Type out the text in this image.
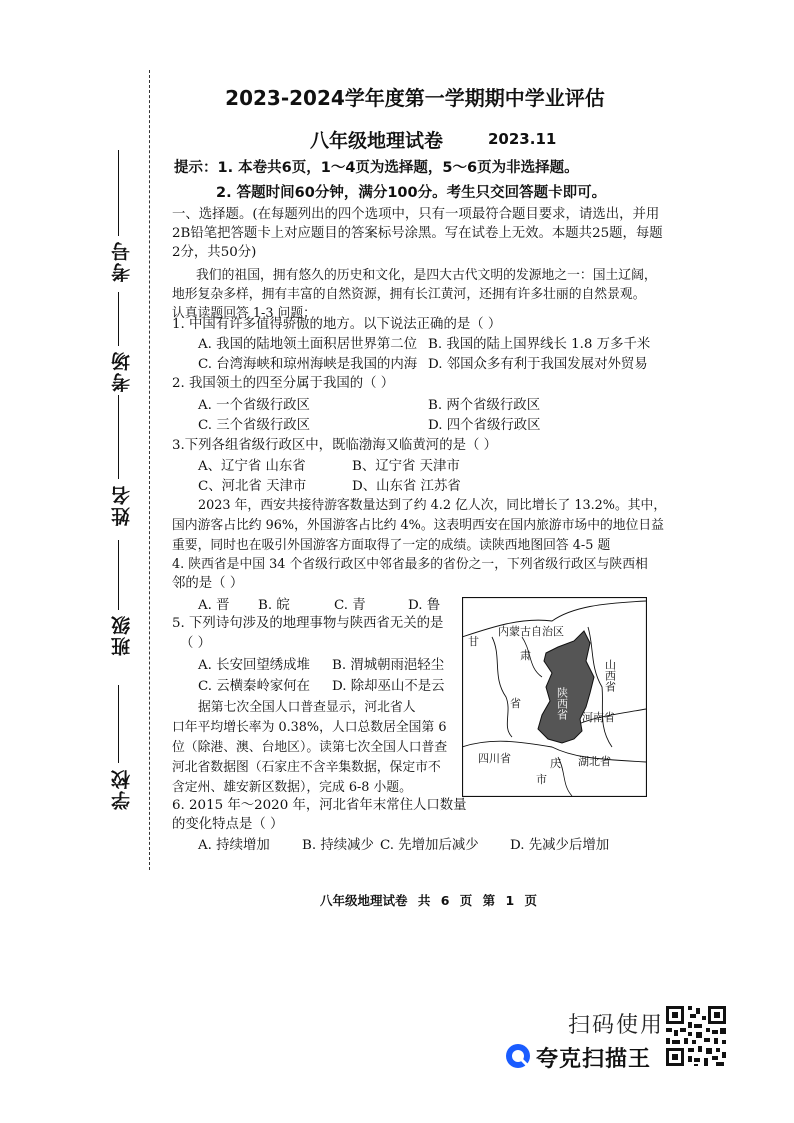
学校
班级
姓名
考场
考号
2023-2024学年度第一学期期中学业评估
八年级地理试卷	2023.11
提示：1. 本卷共6页，1～4页为选择题，5～6页为非选择题。
2. 答题时间60分钟，满分100分。考生只交回答题卡即可。
一、选择题。(在每题列出的四个选项中，只有一项最符合题目要求，请选出，并用
2B铅笔把答题卡上对应题目的答案标号涂黑。写在试卷上无效。本题共25题，每题
2分，共50分)
我们的祖国，拥有悠久的历史和文化，是四大古代文明的发源地之一：国土辽阔，
地形复杂多样，拥有丰富的自然资源，拥有长江黄河，还拥有许多壮丽的自然景观。
认真读题回答 1-3 问题：
1. 中国有许多值得骄傲的地方。以下说法正确的是（ ）
A. 我国的陆地领土面积居世界第二位 B. 我国的陆上国界线长 1.8 万多千米
C. 台湾海峡和琼州海峡是我国的内海 D. 邻国众多有利于我国发展对外贸易
2. 我国领土的四至分属于我国的（ ）
A. 一个省级行政区	B. 两个省级行政区
C. 三个省级行政区	D. 四个省级行政区
3.下列各组省级行政区中，既临渤海又临黄河的是（ ）
A、辽宁省 山东省	B、辽宁省 天津市
C、河北省 天津市	D、山东省 江苏省
2023 年，西安共接待游客数量达到了约 4.2 亿人次，同比增长了 13.2%。其中，
国内游客占比约 96%，外国游客占比约 4%。这表明西安在国内旅游市场中的地位日益
重要，同时也在吸引外国游客方面取得了一定的成绩。读陕西地图回答 4-5 题
4. 陕西省是中国 34 个省级行政区中邻省最多的省份之一，下列省级行政区与陕西相
邻的是（ ）
A. 晋 B. 皖	C. 青	D. 鲁
5. 下列诗句涉及的地理事物与陕西省无关的是
（ ）
A. 长安回望绣成堆 B. 渭城朝雨浥轻尘
C. 云横秦岭家何在 D. 除却巫山不是云
据第七次全国人口普查显示，河北省人
口年平均增长率为 0.38%，人口总数居全国第 6
位（除港、澳、台地区）。读第七次全国人口普查
河北省数据图（石家庄不含辛集数据，保定市不
含定州、雄安新区数据），完成 6-8 小题。
6. 2015 年～2020 年，河北省年末常住人口数量
的变化特点是（ ）
A. 持续增加 B. 持续减少 C. 先增加后减少 D. 先减少后增加
内蒙古自治区
甘
肃
山西省
陕西省 河南省
省
四川省	湖北省
庆
市
八年级地理试卷 共 6 页 第 1 页
扫码使用
夸克扫描王
